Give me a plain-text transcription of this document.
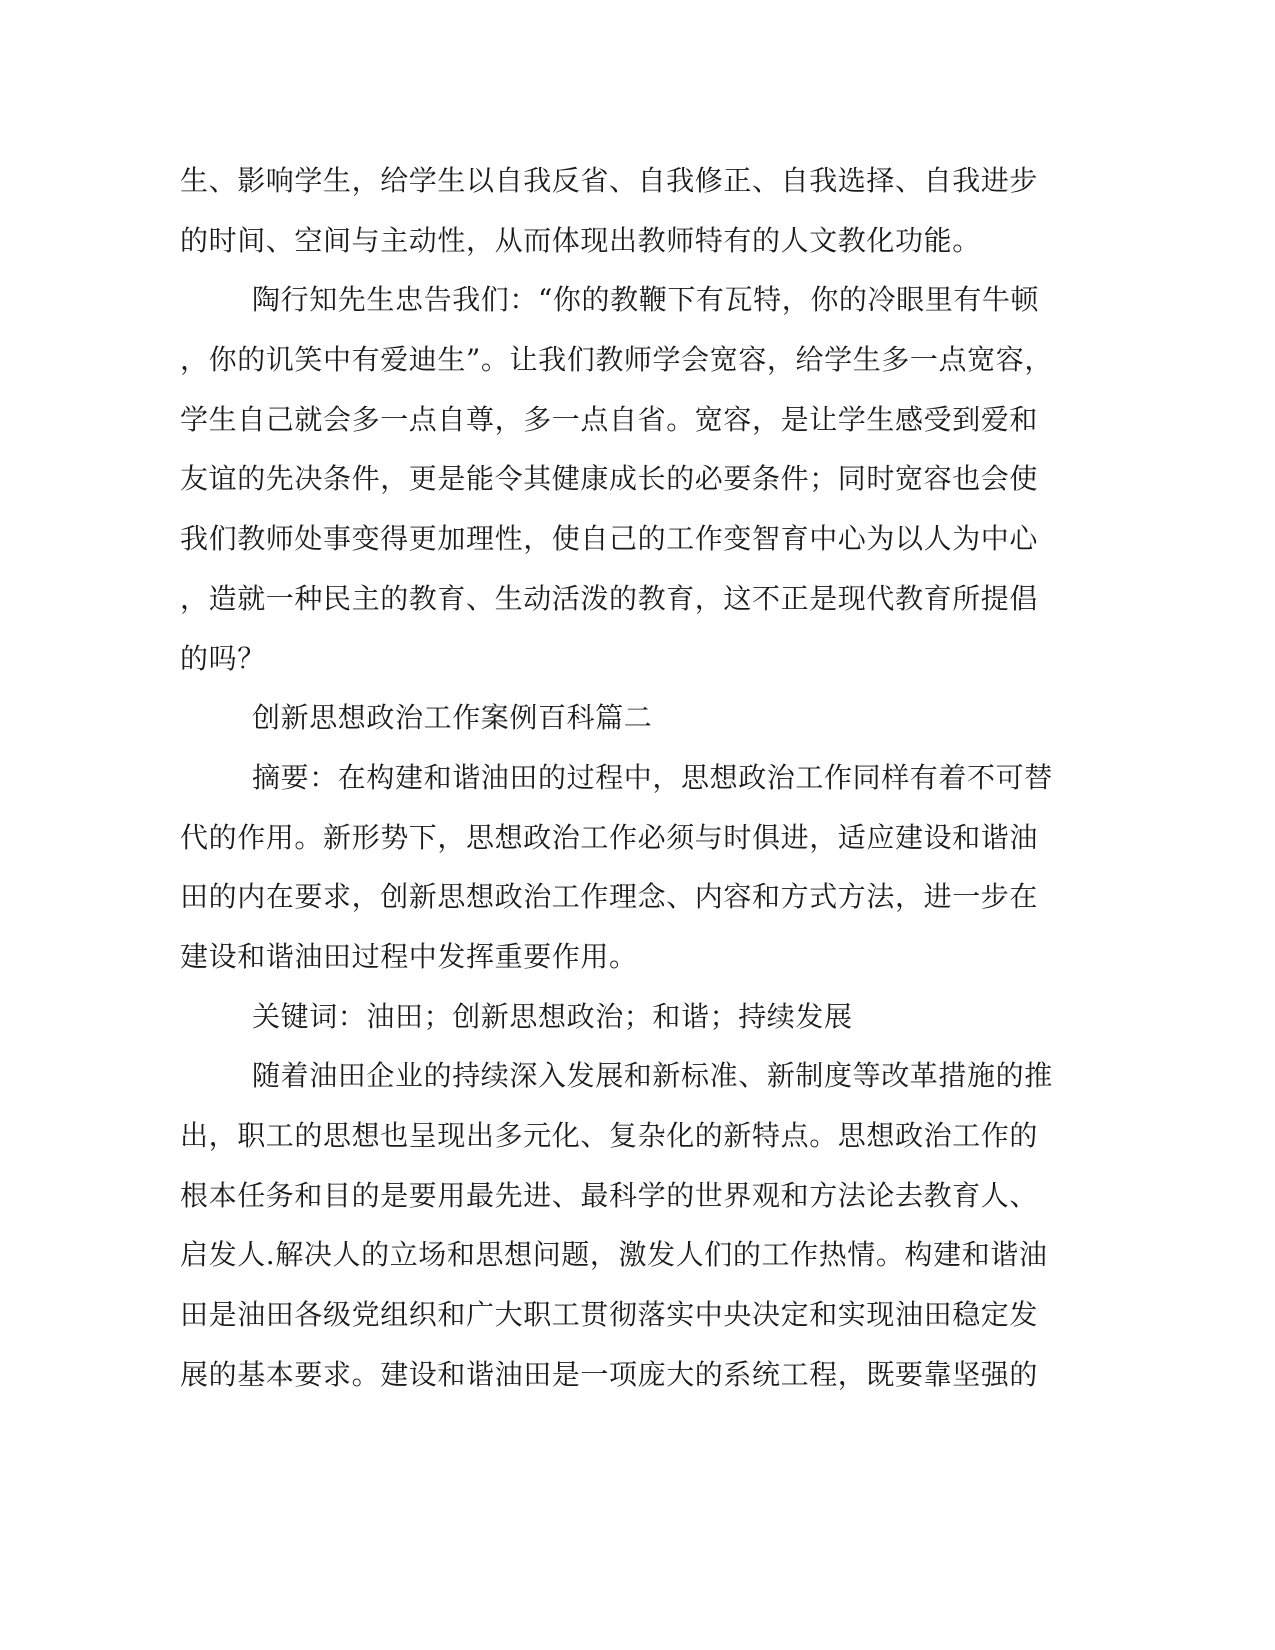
生、影响学生，给学生以自我反省、自我修正、自我选择、自我进步
的时间、空间与主动性，从而体现出教师特有的人文教化功能。
陶行知先生忠告我们：“你的教鞭下有瓦特，你的冷眼里有牛顿
，你的讥笑中有爱迪生”。让我们教师学会宽容，给学生多一点宽容，
学生自己就会多一点自尊，多一点自省。宽容，是让学生感受到爱和
友谊的先决条件，更是能令其健康成长的必要条件；同时宽容也会使
我们教师处事变得更加理性，使自己的工作变智育中心为以人为中心
，造就一种民主的教育、生动活泼的教育，这不正是现代教育所提倡
的吗？
创新思想政治工作案例百科篇二
摘要：在构建和谐油田的过程中，思想政治工作同样有着不可替
代的作用。新形势下，思想政治工作必须与时俱进，适应建设和谐油
田的内在要求，创新思想政治工作理念、内容和方式方法，进一步在
建设和谐油田过程中发挥重要作用。
关键词：油田；创新思想政治；和谐；持续发展
随着油田企业的持续深入发展和新标准、新制度等改革措施的推
出，职工的思想也呈现出多元化、复杂化的新特点。思想政治工作的
根本任务和目的是要用最先进、最科学的世界观和方法论去教育人、
启发人.解决人的立场和思想问题，激发人们的工作热情。构建和谐油
田是油田各级党组织和广大职工贯彻落实中央决定和实现油田稳定发
展的基本要求。建设和谐油田是一项庞大的系统工程，既要靠坚强的
